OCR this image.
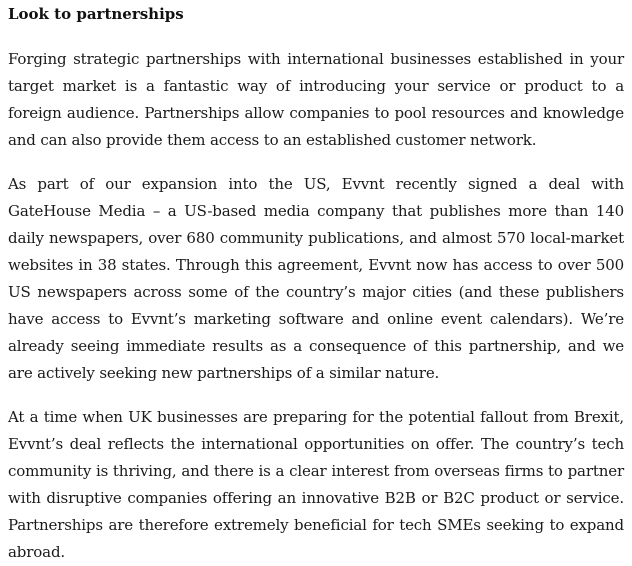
Look to partnerships

Forging strategic partnerships with international businesses established in your target market is a fantastic way of introducing your service or product to a foreign audience. Partnerships allow companies to pool resources and knowledge and can also provide them access to an established customer network.

As part of our expansion into the US, Evvnt recently signed a deal with GateHouse Media – a US-based media company that publishes more than 140 daily newspapers, over 680 community publications, and almost 570 local-market websites in 38 states. Through this agreement, Evvnt now has access to over 500 US newspapers across some of the country’s major cities (and these publishers have access to Evvnt’s marketing software and online event calendars). We’re already seeing immediate results as a consequence of this partnership, and we are actively seeking new partnerships of a similar nature.

At a time when UK businesses are preparing for the potential fallout from Brexit, Evvnt’s deal reflects the international opportunities on offer. The country’s tech community is thriving, and there is a clear interest from overseas firms to partner with disruptive companies offering an innovative B2B or B2C product or service. Partnerships are therefore extremely beneficial for tech SMEs seeking to expand abroad.
